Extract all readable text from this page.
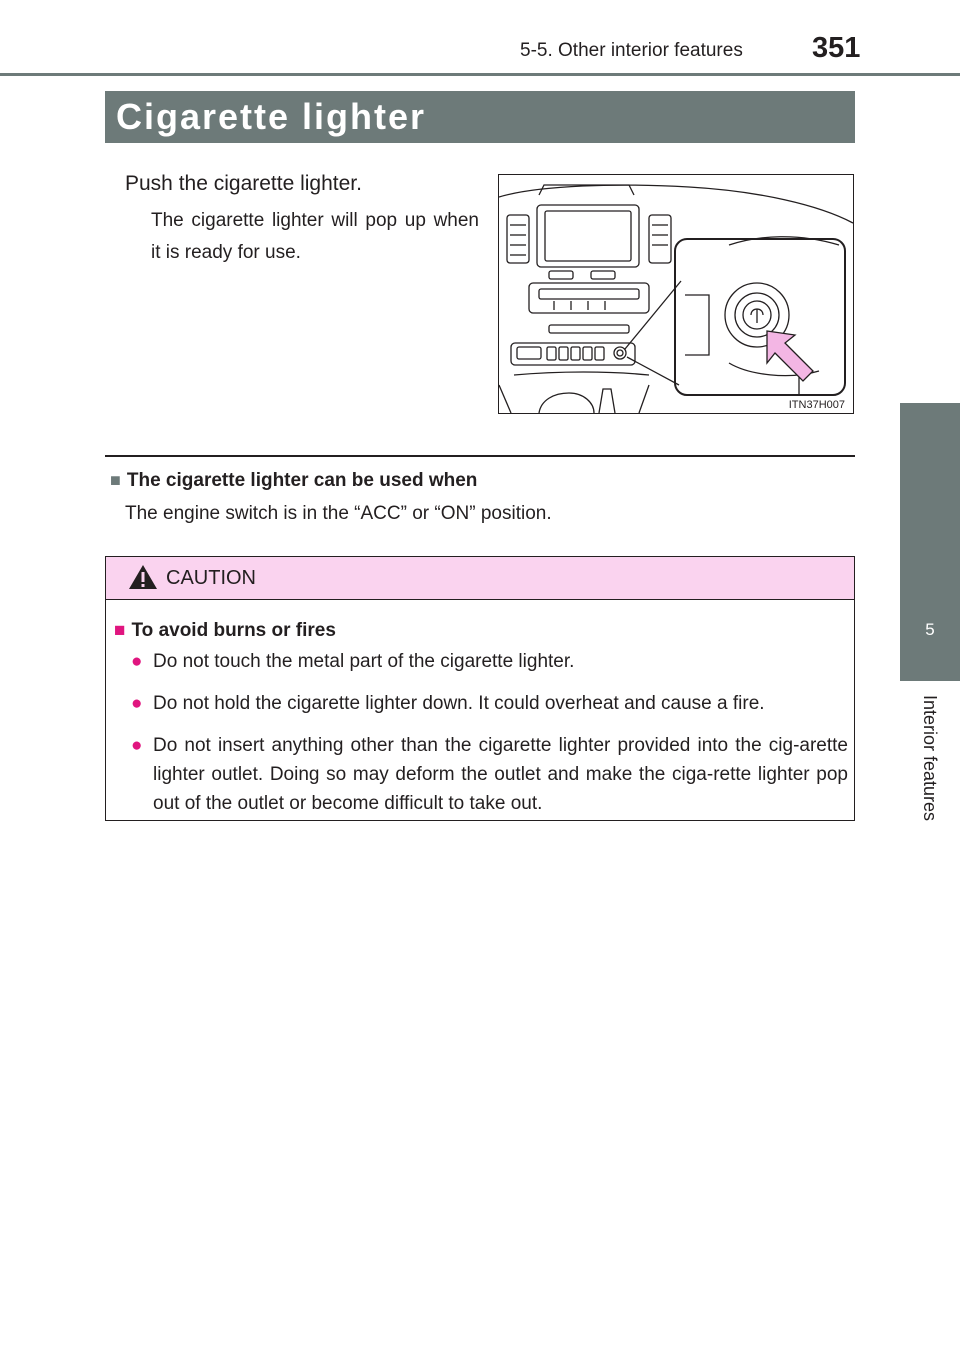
5-5. Other interior features 351
5
Interior features
Cigarette lighter
Push the cigarette lighter.
The cigarette lighter will pop up when it is ready for use.
ITN37H007
■ The cigarette lighter can be used when
The engine switch is in the “ACC” or “ON” position.
CAUTION
■ To avoid burns or fires
● Do not touch the metal part of the cigarette lighter.
● Do not hold the cigarette lighter down. It could overheat and cause a fire.
● Do not insert anything other than the cigarette lighter provided into the cig-arette lighter outlet. Doing so may deform the outlet and make the ciga-rette lighter pop out of the outlet or become difficult to take out.
